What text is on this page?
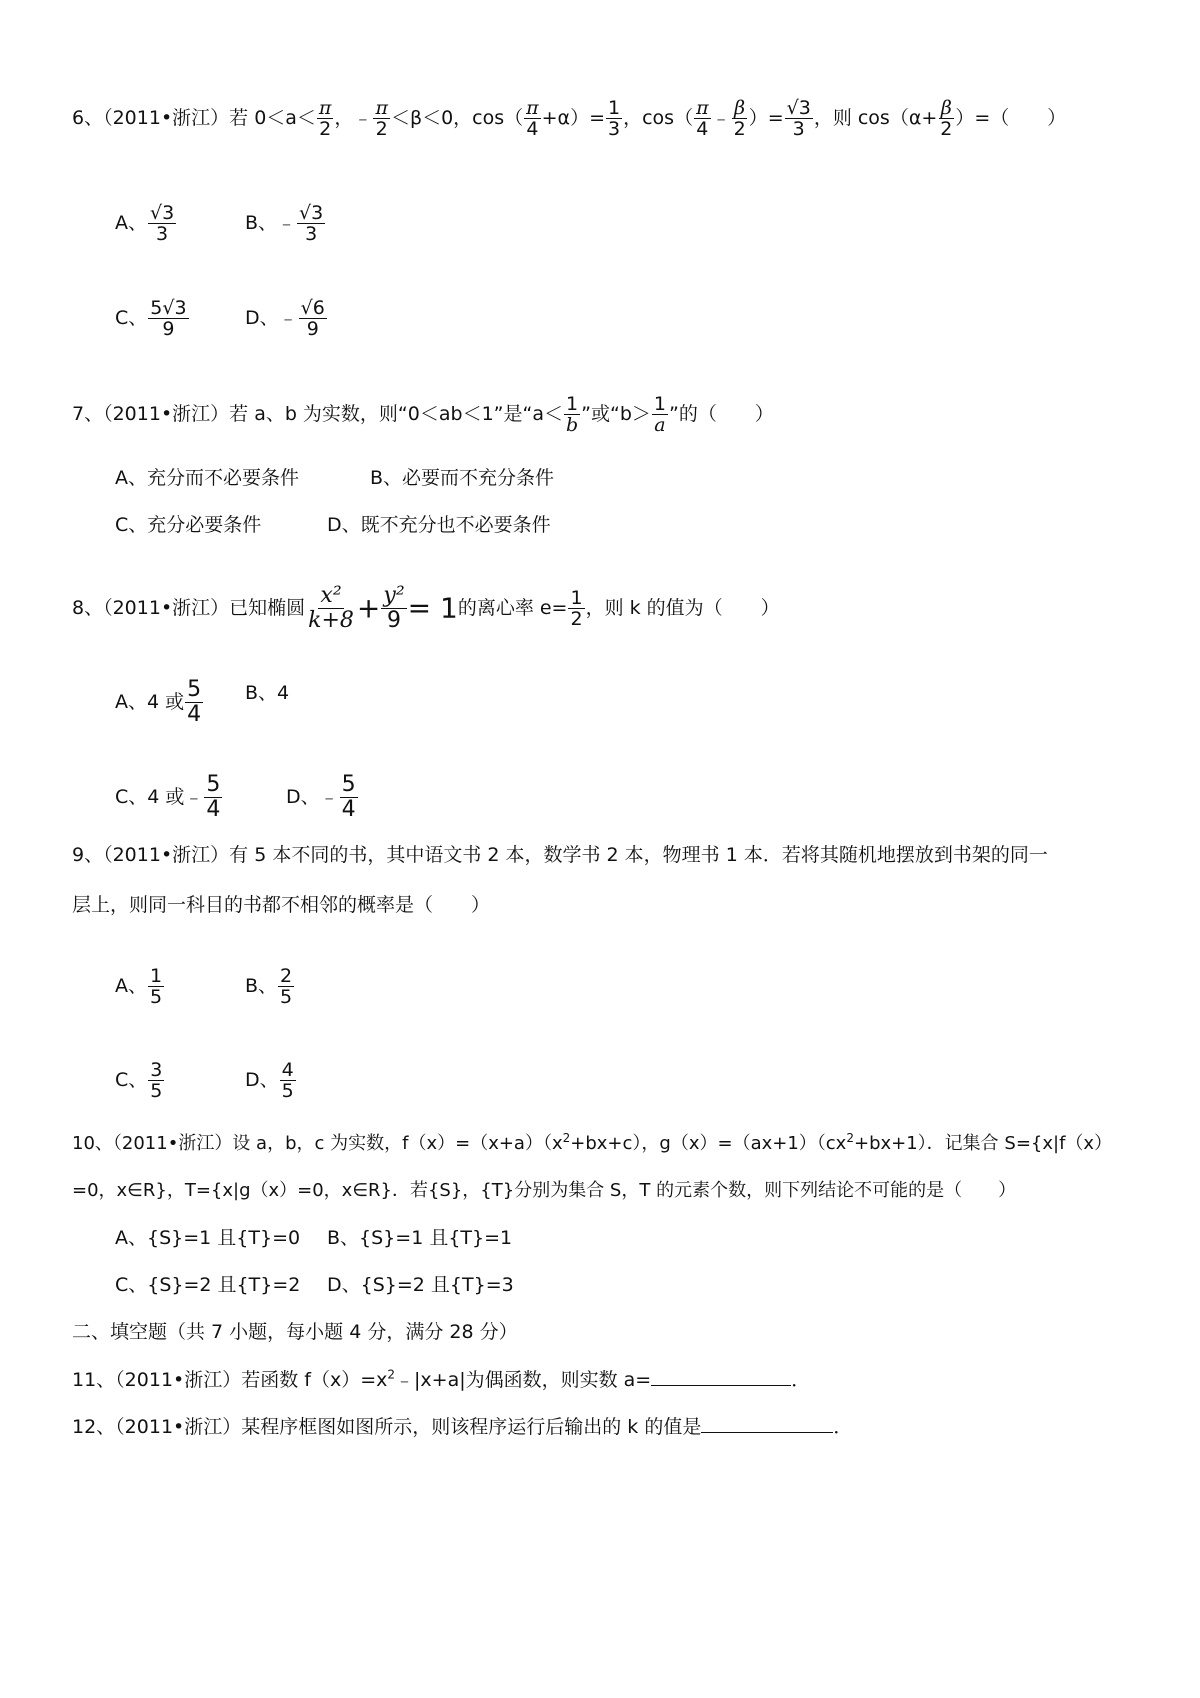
6、（2011•浙江）若 $0<a< \frac{\pi}{2}$ ，﹣ $\frac{\pi}{2} <\beta<0$，$\cos( \frac{\pi}{4} +\alpha)= \frac{1}{3}$ ，$\cos( \frac{\pi}{4}$ ﹣ $\frac{\beta}{2}$ ）= $\frac{√3}{3}$ ，则 $\cos(\alpha+ \frac{\beta}{2}$ ）=（　　）
A、 $\frac{√3}{3}$	B、﹣ $\frac{√3}{3}$
C、 $\frac{5√3}{9}$	D、﹣ $\frac{√6}{9}$
7、（2011•浙江）若 a、b 为实数，则“0＜ab＜1”是“$a< \frac{1}{b}$ ”或“$b> \frac{1}{a}$ ”的（　　）
A、充分而不必要条件	B、必要而不充分条件
C、充分必要条件	D、既不充分也不必要条件
8、（2011•浙江）已知椭圆 $\frac{\text{x²}}{k+8} + \frac{\text{y²}}{9} = 1$的离心率 $e= \frac{1}{2}$ ，则 k 的值为（　　）
A、4 或 $\frac{5}{4}$ B、4
C、4 或﹣ $\frac{5}{4}$	D、﹣ $\frac{5}{4}$
9、（2011•浙江）有 5 本不同的书，其中语文书 2 本，数学书 2 本，物理书 1 本．若将其随机地摆放到书架的同一
层上，则同一科目的书都不相邻的概率是（　　）
A、 $\frac{1}{5}$	B、 $\frac{2}{5}$
C、 $\frac{3}{5}$	D、 $\frac{4}{5}$
10、（2011•浙江）设 a，b，c 为实数，$f(x)=(x+a)(x^2+bx+c)$，$g(x)=(ax+1)(cx^2+bx+1)$．记集合 S={x|f（x）
=0，x∈R}，T={x|g（x）=0，x∈R}．若{S}，{T}分别为集合 S，T 的元素个数，则下列结论不可能的是（　　）
A、{S}=1 且{T}=0 B、{S}=1 且{T}=1
C、{S}=2 且{T}=2 D、{S}=2 且{T}=3
二、填空题（共 7 小题，每小题 4 分，满分 28 分）
11、（2011•浙江）若函数 $f(x)=x^2﹣|x+a|$为偶函数，则实数 a=	．
12、（2011•浙江）某程序框图如图所示，则该程序运行后输出的 k 的值是	．
